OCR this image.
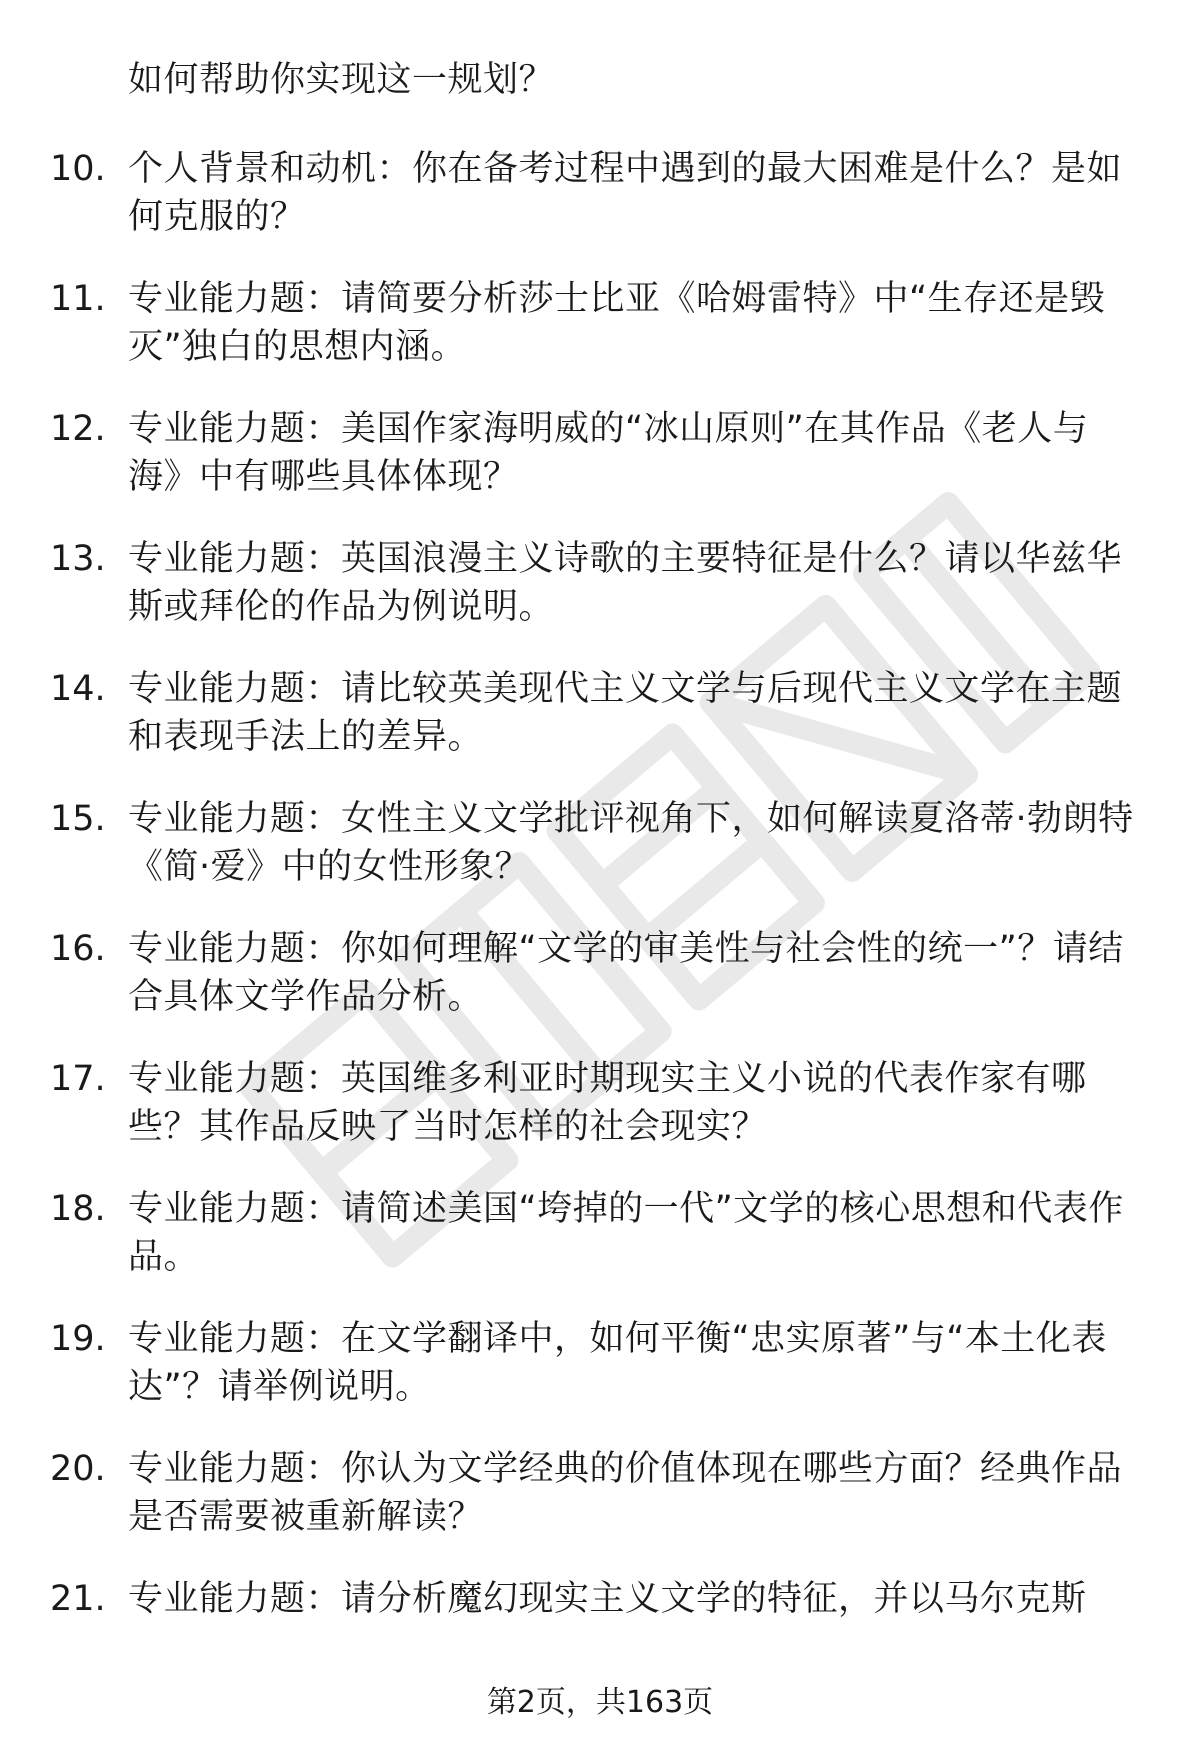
如何帮助你实现这一规划？
10. 个人背景和动机：你在备考过程中遇到的最大困难是什么？是如何克服的？
11. 专业能力题：请简要分析莎士比亚《哈姆雷特》中“生存还是毁灭”独白的思想内涵。
12. 专业能力题：美国作家海明威的“冰山原则”在其作品《老人与海》中有哪些具体体现？
13. 专业能力题：英国浪漫主义诗歌的主要特征是什么？请以华兹华斯或拜伦的作品为例说明。
14. 专业能力题：请比较英美现代主义文学与后现代主义文学在主题和表现手法上的差异。
15. 专业能力题：女性主义文学批评视角下，如何解读夏洛蒂·勃朗特《简·爱》中的女性形象？
16. 专业能力题：你如何理解“文学的审美性与社会性的统一”？请结合具体文学作品分析。
17. 专业能力题：英国维多利亚时期现实主义小说的代表作家有哪些？其作品反映了当时怎样的社会现实？
18. 专业能力题：请简述美国“垮掉的一代”文学的核心思想和代表作品。
19. 专业能力题：在文学翻译中，如何平衡“忠实原著”与“本土化表达”？请举例说明。
20. 专业能力题：你认为文学经典的价值体现在哪些方面？经典作品是否需要被重新解读？
21. 专业能力题：请分析魔幻现实主义文学的特征，并以马尔克斯
第2页，共163页
